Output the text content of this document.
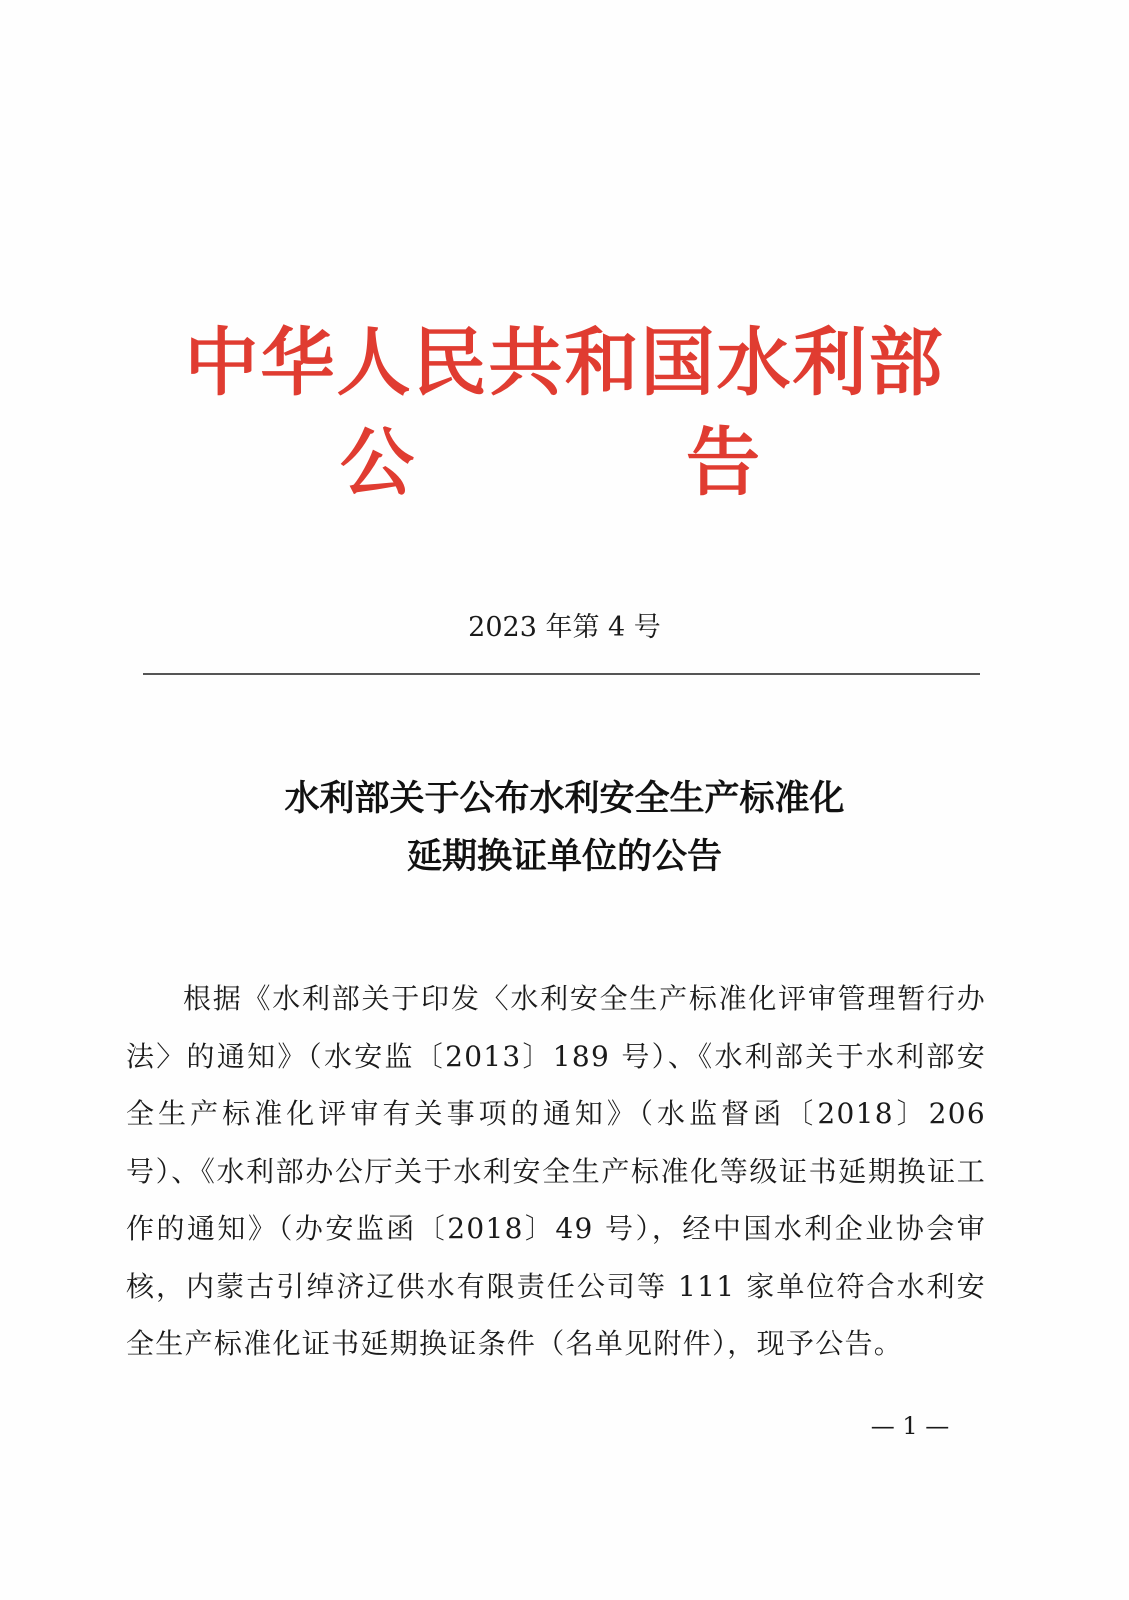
中华人民共和国水利部
公	告
2023 年第 4 号
水利部关于公布水利安全生产标准化
延期换证单位的公告

根据《水利部关于印发〈水利安全生产标准化评审管理暂行办法〉的通知》（水安监〔2013〕189 号）、《水利部关于水利部安全生产标准化评审有关事项的通知》（水监督函〔2018〕206 号）、《水利部办公厅关于水利安全生产标准化等级证书延期换证工作的通知》（办安监函〔2018〕49 号），经中国水利企业协会审核，内蒙古引绰济辽供水有限责任公司等 111 家单位符合水利安全生产标准化证书延期换证条件（名单见附件），现予公告。

— 1 —
